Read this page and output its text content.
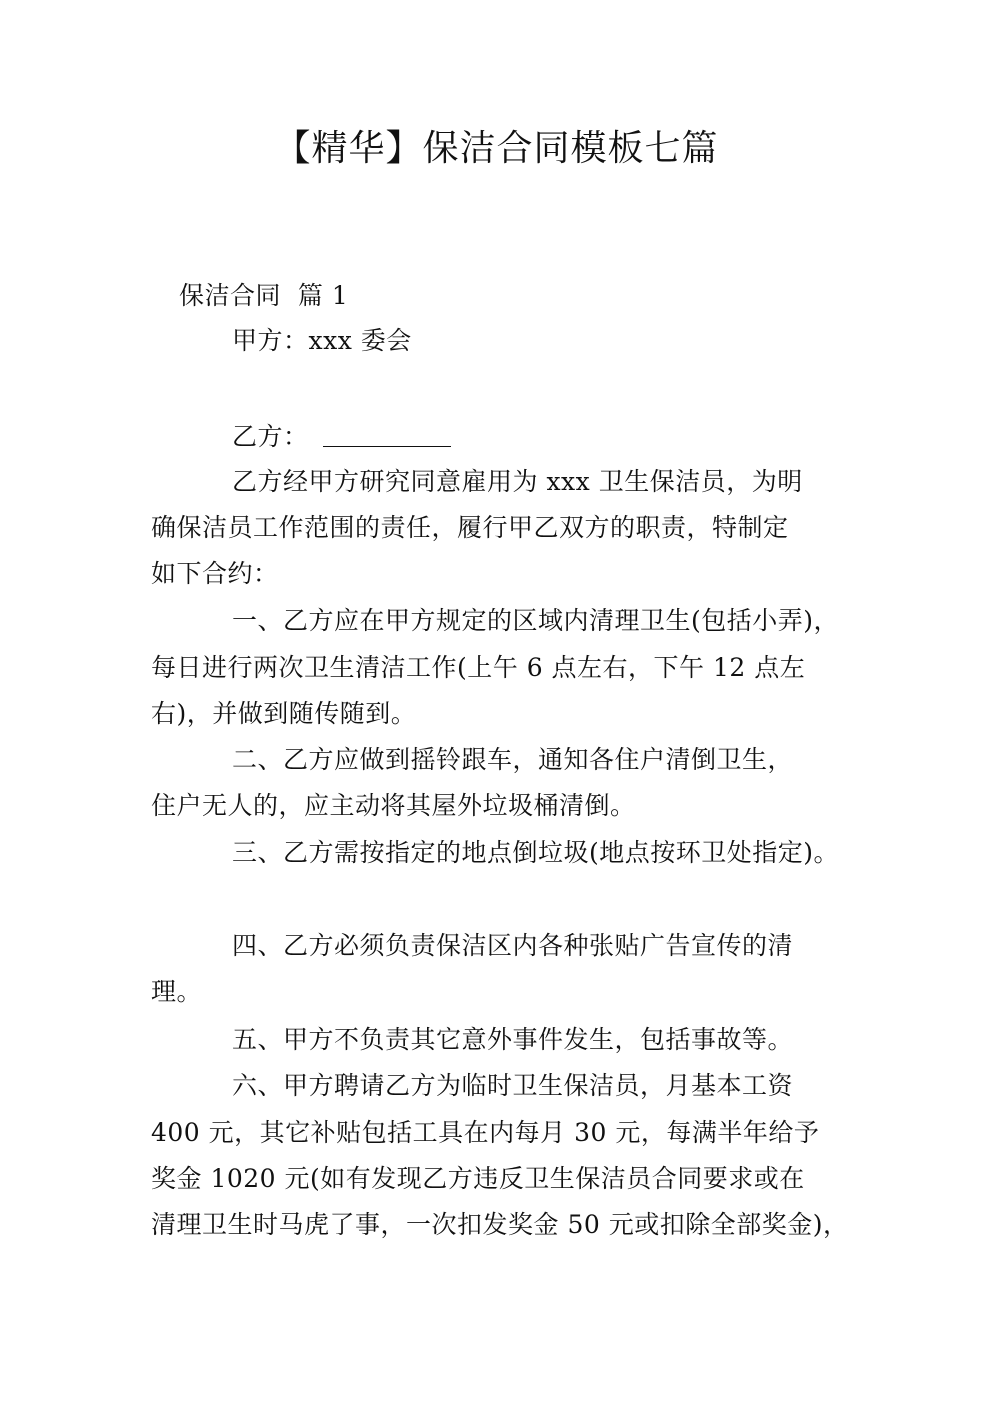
【精华】保洁合同模板七篇
保洁合同  篇 1
甲方：xxx 委会
乙方：
乙方经甲方研究同意雇用为 xxx 卫生保洁员，为明
确保洁员工作范围的责任，履行甲乙双方的职责，特制定
如下合约：
一、乙方应在甲方规定的区域内清理卫生(包括小弄)，
每日进行两次卫生清洁工作(上午 6 点左右，下午 12 点左
右)，并做到随传随到。
二、乙方应做到摇铃跟车，通知各住户清倒卫生，
住户无人的，应主动将其屋外垃圾桶清倒。
三、乙方需按指定的地点倒垃圾(地点按环卫处指定)。
四、乙方必须负责保洁区内各种张贴广告宣传的清
理。
五、甲方不负责其它意外事件发生，包括事故等。
六、甲方聘请乙方为临时卫生保洁员，月基本工资
400 元，其它补贴包括工具在内每月 30 元，每满半年给予
奖金 1020 元(如有发现乙方违反卫生保洁员合同要求或在
清理卫生时马虎了事，一次扣发奖金 50 元或扣除全部奖金)，
